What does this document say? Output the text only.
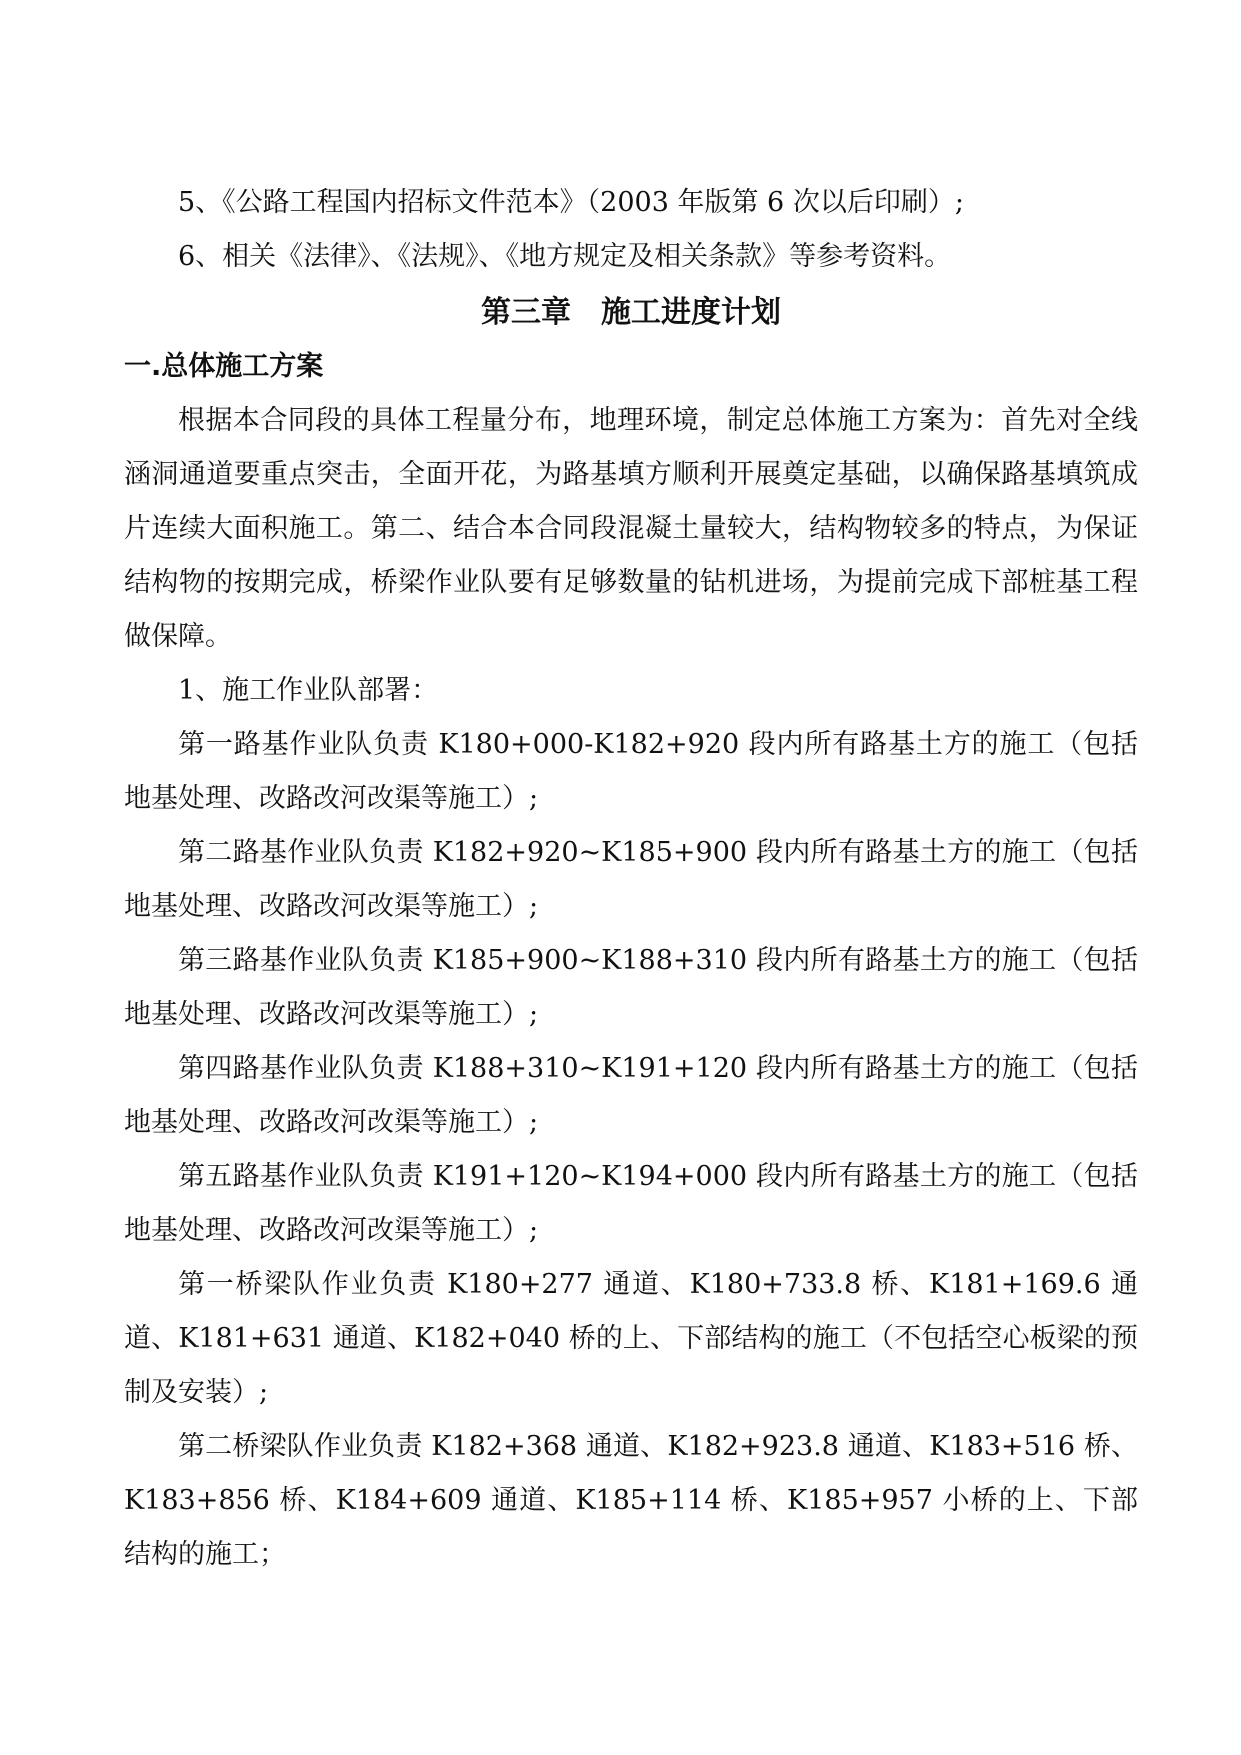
5、《公路工程国内招标文件范本》（2003 年版第 6 次以后印刷）;

6、相关《法律》、《法规》、《地方规定及相关条款》等参考资料。

第三章　施工进度计划
一.总体施工方案

根据本合同段的具体工程量分布，地理环境，制定总体施工方案为：首先对全线涵洞通道要重点突击，全面开花，为路基填方顺利开展奠定基础，以确保路基填筑成片连续大面积施工。第二、结合本合同段混凝土量较大，结构物较多的特点，为保证结构物的按期完成，桥梁作业队要有足够数量的钻机进场，为提前完成下部桩基工程做保障。

1、施工作业队部署：

第一路基作业队负责 K180+000-K182+920 段内所有路基土方的施工（包括地基处理、改路改河改渠等施工）;

第二路基作业队负责 K182+920~K185+900 段内所有路基土方的施工（包括地基处理、改路改河改渠等施工）;

第三路基作业队负责 K185+900~K188+310 段内所有路基土方的施工（包括地基处理、改路改河改渠等施工）;

第四路基作业队负责 K188+310~K191+120 段内所有路基土方的施工（包括地基处理、改路改河改渠等施工）;

第五路基作业队负责 K191+120~K194+000 段内所有路基土方的施工（包括地基处理、改路改河改渠等施工）;

第一桥梁队作业负责 K180+277 通道、K180+733.8 桥、K181+169.6 通道、K181+631 通道、K182+040 桥的上、下部结构的施工（不包括空心板梁的预制及安装）;

第二桥梁队作业负责 K182+368 通道、K182+923.8 通道、K183+516 桥、K183+856 桥、K184+609 通道、K185+114 桥、K185+957 小桥的上、下部结构的施工；
